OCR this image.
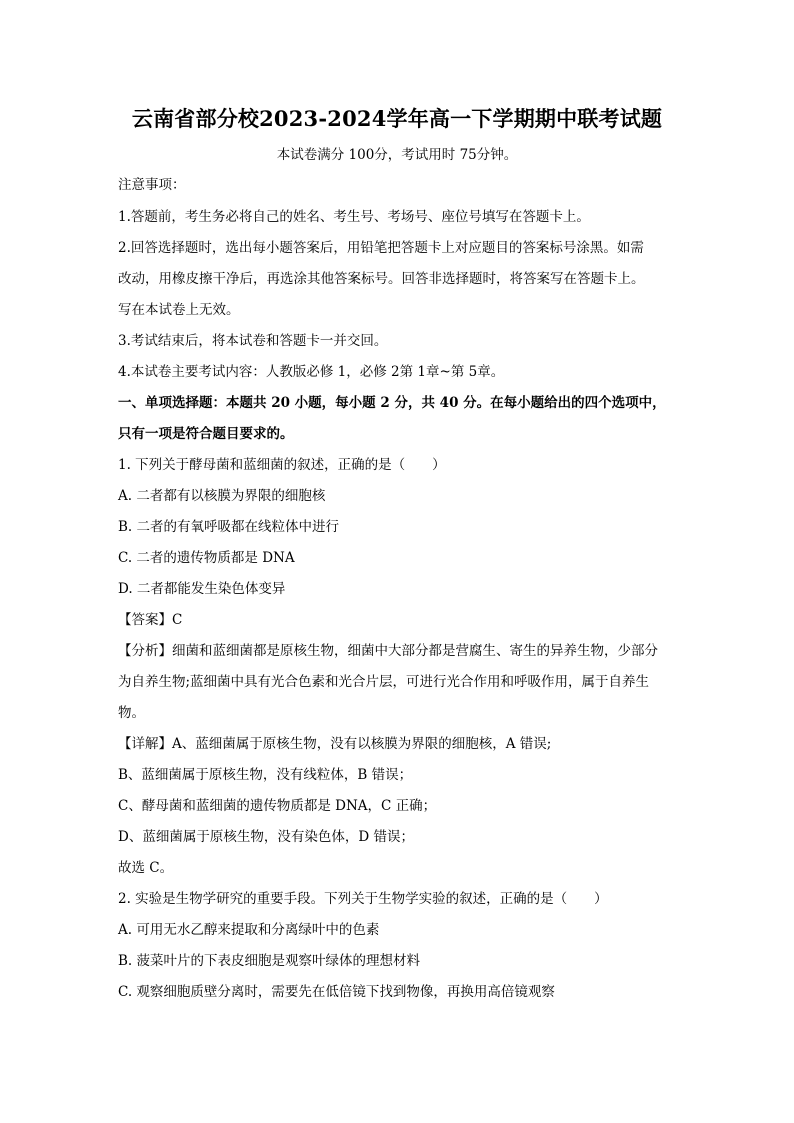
云南省部分校2023-2024学年高一下学期期中联考试题
本试卷满分 100分，考试用时 75分钟。
注意事项：
1.答题前，考生务必将自己的姓名、考生号、考场号、座位号填写在答题卡上。
2.回答选择题时，选出每小题答案后，用铅笔把答题卡上对应题目的答案标号涂黑。如需
改动，用橡皮擦干净后，再选涂其他答案标号。回答非选择题时，将答案写在答题卡上。
写在本试卷上无效。
3.考试结束后，将本试卷和答题卡一并交回。
4.本试卷主要考试内容：人教版必修 1，必修 2第 1章~第 5章。
一、单项选择题：本题共 20 小题，每小题 2 分，共 40 分。在每小题给出的四个选项中，
只有一项是符合题目要求的。
1. 下列关于酵母菌和蓝细菌的叙述，正确的是（　　）
A. 二者都有以核膜为界限的细胞核
B. 二者的有氧呼吸都在线粒体中进行
C. 二者的遗传物质都是 DNA
D. 二者都能发生染色体变异
【答案】C
【分析】细菌和蓝细菌都是原核生物，细菌中大部分都是营腐生、寄生的异养生物，少部分
为自养生物;蓝细菌中具有光合色素和光合片层，可进行光合作用和呼吸作用，属于自养生
物。
【详解】A、蓝细菌属于原核生物，没有以核膜为界限的细胞核，A 错误;
B、蓝细菌属于原核生物，没有线粒体，B 错误；
C、酵母菌和蓝细菌的遗传物质都是 DNA，C 正确；
D、蓝细菌属于原核生物，没有染色体，D 错误；
故选 C。
2. 实验是生物学研究的重要手段。下列关于生物学实验的叙述，正确的是（　　）
A. 可用无水乙醇来提取和分离绿叶中的色素
B. 菠菜叶片的下表皮细胞是观察叶绿体的理想材料
C. 观察细胞质壁分离时，需要先在低倍镜下找到物像，再换用高倍镜观察
